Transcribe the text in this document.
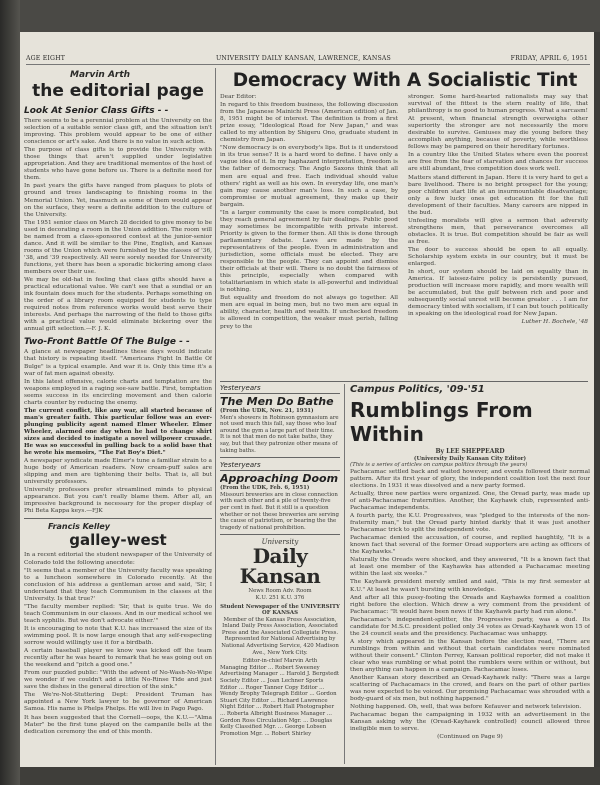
AGE EIGHT	UNIVERSITY DAILY KANSAN, LAWRENCE, KANSAS	FRIDAY, APRIL 6, 1951

Marvin Arth

the editorial page
Look At Senior Class Gifts - -

There seems to be a perennial problem at the University on the selection of a suitable senior class gift, and the situation isn't improving. This problem would appear to be one of either conscience or art's sake. And there is no value in such action.

The purpose of class gifts is to provide the University with those things that aren't supplied under legislative appropriation. And they are traditional mementos of the host of students who have gone before us. There is a definite need for them.

In past years the gifts have ranged from plaques to plots of ground and trees landscaping to finishing rooms in the Memorial Union. Yet, inasmuch as some of them would appear on the surface, they were a definite addition to the culture of the University.

The 1951 senior class on March 28 decided to give money to be used in decorating a room in the Union addition. The room will be named from a class-sponsored contest at the junior-senior dance. And it will be similar to the Pine, English, and Kansas rooms of the Union which were furnished by the classes of '36, '38, and '39 respectively. All were sorely needed for University functions, yet there has been a sporadic bickering among class members over their use.

We may be old-hat in feeling that class gifts should have a practical educational value. We can't see that a sundial or an ink fountain does much for the students. Perhaps something on the order of a library room equipped for students to type required notes from reference works would best serve their interests. And perhaps the narrowing of the field to those gifts with a practical value would eliminate bickering over the annual gift selection.—F. J. K.

Two-Front Battle Of The Bulge - -

A glance at newspaper headlines these days would indicate that history is repeating itself. "Americans Fight In Battle Of Bulge" is a typical example. And war it is. Only this time it's a war of fat men against obesity.

In this latest offensive, calorie charts and temptation are the weapons employed in a raging see-saw battle. First, temptation seems success in its encircling movement and then calorie charts counter by reducing the enemy.

The current conflict, like any war, all started because of man's greater faith. This particular follow was an ever-plunging publicity agent named Elmer Wheeler. Elmer Wheeler, alarmed one day when he had to change shirt sizes and decided to instigate a novel willpower crusade. He was so successful in pulling back to a solid base that he wrote his memoirs, "The Fat Boy's Diet."

A newspaper syndicate made Elmer's tune a familiar strain to a huge body of American readers. Now cream-puff sales are slipping and men are tightening their belts. That is, all but university professors.

University professors prefer streamlined minds to physical appearance. But you can't really blame them. After all, an impressive background is necessary for the proper display of Phi Beta Kappa keys.—FJK

Francis Kelley

galley-west

In a recent editorial the student newspaper of the University of Colorado told the following anecdote:

"It seems that a member of the University faculty was speaking to a luncheon somewhere in Colorado recently. At the conclusion of his address a gentleman arose and said, 'Sir, I understand that they teach Communism in the classes at the University. Is that true?'

"The faculty member replied: 'Sir, that is quite true. We do teach Communism in our classes. And in our medical school we teach syphilis. But we don't advocate either.'"

It is encouraging to note that K.U. has increased the size of its swimming pool. It is now large enough that any self-respecting sorrow would willingly use it for a birdbath.

A certain baseball player we know was kicked off the team recently after he was heard to remark that he was going out on the weekend and "pitch a good one."

From our puzzled public: "With the advent of No-Wash-No-Wipe we wonder if we couldn't add a little No-Rinse Tide and just save the dishes in the general direction of the sink."

The We're-Not-Stuttering Dept: President Truman has appointed a New York lawyer to be governor of American Samoa. His name is Phelps Phelps. He will live in Pago Pago.

It has been suggested that the Cornell—oops, the K.U.—"Alma Mater" be the first tune played on the campanile bells at the dedication ceremony the end of this month.

Democracy With A Socialistic Tint

Dear Editor:

In regard to this freedom business, the following discussion from the Japanese Mainichi Press (American edition) of Jan. 8, 1951 might be of interest. The definition is from a first prize essay, "Ideological Road for New Japan," and was called to my attention by Shigeru Ono, graduate student in chemistry from Japan.

"Now democracy is on everybody's lips. But is it understood in its true sense? It is a hard word to define. I have only a vague idea of it. In my haphazard interpretation, freedom is the father of democracy. The Anglo Saxons think that all men are equal and free. Each individual should value others' right as well as his own. In everyday life, one man's gain may cause another man's loss. In such a case, by compromise or mutual agreement, they make up their bargain.

"In a larger community the case is more complicated, but they reach general agreement by fair dealings. Public good may sometimes be incompatible with private interest. Priority is given to the former then. All this is done through parliamentary debate. Laws are made by the representatives of the people. Even in administration and jurisdiction, some officials must be elected. They are responsible to the people. They can appoint and dismiss their officials at their will. There is no doubt the fairness of this principle, especially when compared with totalitarianism in which state is all-powerful and individual is nothing.

But equality and freedom do not always go together. All men are equal in being men, but no two men are equal in ability, character, health and wealth. If unchecked freedom is allowed in competition, the weaker must perish, falling prey to the

stronger. Some hard-hearted rationalists may say that survival of the fittest is the stern reality of life, that philanthropy is no good to human progress. What a sarcasm!

At present, when financial strength overweighs other superiority the stronger are not necessarily the more desirable to survive. Geniuses may die young before they accomplish anything, because of poverty, while worthless fellows may be pampered on their hereditary fortunes.

In a country like the United States where even the poorest are free from the fear of starvation and chances for success are still abundant, free competition does work well.

Matters stand different in Japan. Here it is very hard to get a bare livelihood. There is no bright prospect for the young; poor children start life at an insurmountable disadvantage; only a few lucky ones get education fit for the full development of their faculties. Many careers are nipped in the bud.

Unfeeling moralists will give a sermon that adversity strengthens men, that perseverance overcomes all obstacles. It is true. But competition should be fair as well as free.

The door to success should be open to all equally. Scholarship system exists in our country, but it must be enlarged.

In short, our system should be laid on equality than in America. If laissez-faire policy is persistently pursued, production will increase more rapidly, and more wealth will be accumulated, but the gulf between rich and poor and subsequently social unrest will become greater . . . I am for democracy tinted with socialism, if I can but touch politically in speaking on the ideological road for New Japan.

Luther H. Bochele, '48

Yesteryears

The Men Do Bathe

(From the UDK, Nov. 21, 1931)

Men's showers in Robinson gymnasium are not used much this fall, say those who loaf around the gym a large part of their time. It is not that men do not take baths, they say, but that they patronize other means of taking baths.

Yesteryears

Approaching Doom

(From the UDK, Feb. 6, 1951)

Missouri breweries are in close connection with each other and a pile of twenty-five per cent in fuel. But it still is a question whether or not these breweries are serving the cause of patriotism, or bearing the the tragedy of national prohibition.

University

Daily Kansan

News Room Adv. Room

K.U. 251 K.U. 376

Student Newspaper of the UNIVERSITY OF KANSAS

Member of the Kansas Press Association, Inland Daily Press Association, Associated Press and the Associated Collegiate Press. Represented for National Advertising by National Advertising Service, 420 Madison Ave., New York City.

Editor-in-chief Marvin Arth

Managing Editor ... Robert Sweeney Advertising Manager ... Harold J. Bergstedt Society Editor ... Joan Lechner Sports Editor ... Roger Tanner Copy Editor ... Wendy Brophy Telegraph Editor ... Gordon Stuart City Editor ... Richard Lawrence Night Editor ... Robert Hall Photographer ... Roberta Albright Business Manager ... Gordon Ross Circulation Mgr. ... Douglas Kelly Classified Mgr. ... George Lobsen Promotion Mgr. ... Robert Shirley

Campus Politics, '09-'51

Rumblings From Within

By LEE SHEPPEARD

(University Daily Kansan City Editor)

(This is a series of articles on campus politics through the years)

Pachacamac settled back and waited however, and events followed their normal pattern. After its first year of glory, the independent coalition lost the next four elections. In 1931 it was dissolved and a new party formed.

Actually, three new parties were organized. One, the Oread party, was made up of anti-Pachacamac fraternities. Another, the Kayhawk club, represented anti-Pachacamac independents.

A fourth party, the K.U. Progressives, was "pledged to the interests of the non-fraternity man," but the Oread party hinted darkly that it was just another Pachacamac trick to split the independent vote.

Pachacamac denied the accusation, of course, and replied haughtily, "It is a known fact that several of the former Oread supporters are acting as officers of the Kayhawks."

Naturally the Oreads were shocked, and they answered, "It is a known fact that at least one member of the Kayhawks has attended a Pachacamac meeting within the last six weeks."

The Kayhawk president merely smiled and said, "This is my first semester at K.U." At least he wasn't bursting with knowledge.

And after all this pussy-footing the Oreads and Kayhawks formed a coalition right before the election. Which drew a wry comment from the president of Pachacamac: "It would have been news if the Kayhawk party had run alone."

Pachacamac's independent-splitter, the Progressive party, was a dud. Its candidate for M.S.C. president polled only 34 votes as Oread-Kayhawk won 15 of the 24 council seats and the presidency. Pachacamac was unhappy.

A story which appeared in the Kansan before the election read, "There are rumblings from within and without that certain candidates were nominated without their consent." Clinton Ferrey, Kansan political reporter, did not make it clear who was rumbling or what point the rumblers were within or without, but then anything can happen in a campaign. Pachacamac loses.

Another Kansan story described an Oread-Kayhawk rally: "There was a large scattering of Pachacamacs in the crowd, and fears on the part of other parties was now expected to be voiced. Our promising Pachacamac was shrouded with a body-guard of six men, but nothing happened."

Nothing happened. Oh, well, that was before Kefauver and network television.

Pachacamac began the campaigning in 1932 with an advertisement in the Kansan asking why the (Oread-Kayhawk controlled) council allowed three ineligible men to serve.

(Continued on Page 9)
